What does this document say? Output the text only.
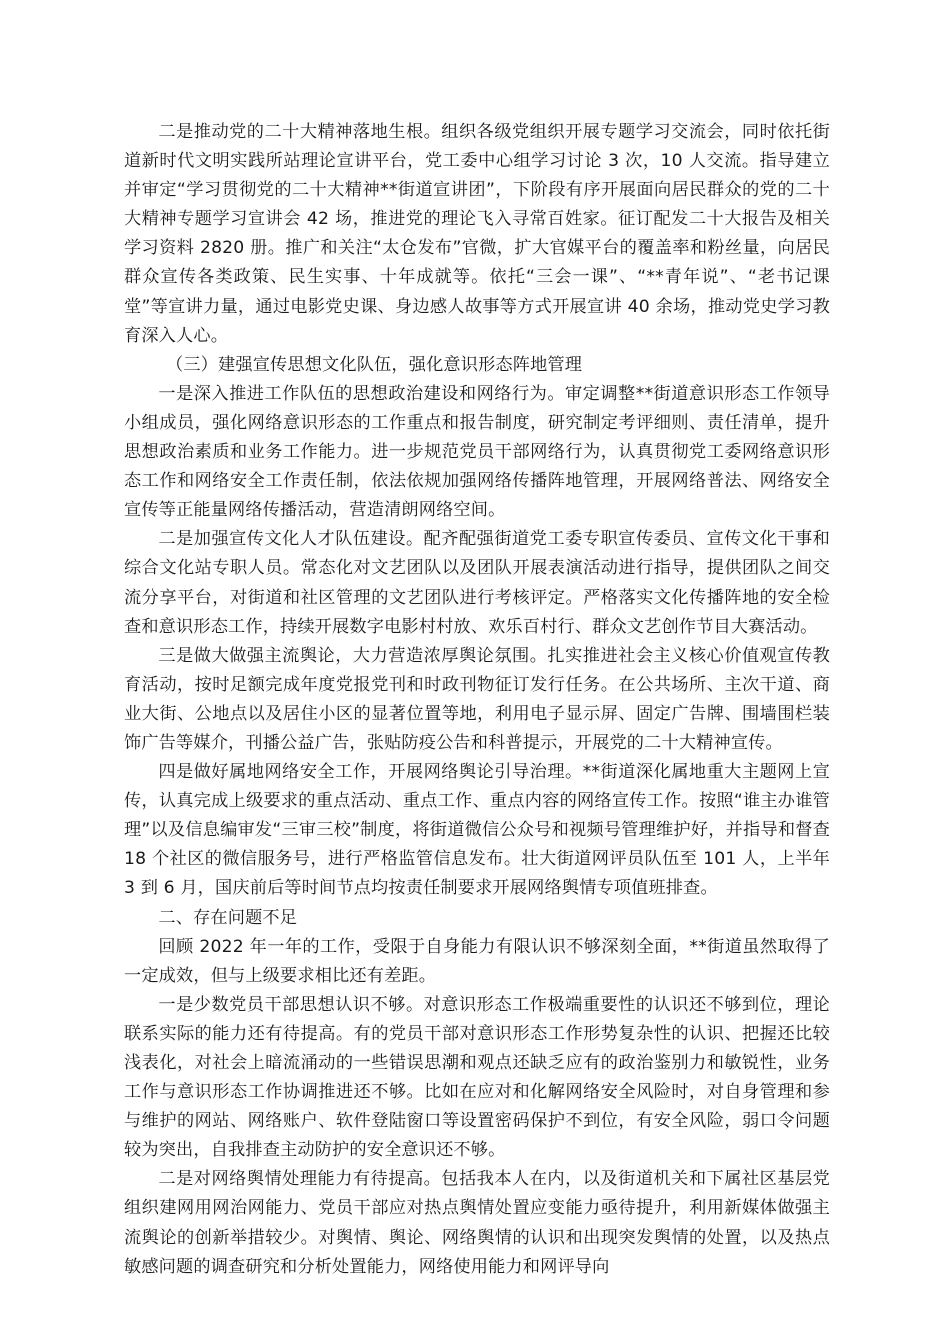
二是推动党的二十大精神落地生根。组织各级党组织开展专题学习交流会，同时依托街道新时代文明实践所站理论宣讲平台，党工委中心组学习讨论 3 次，10 人交流。指导建立并审定“学习贯彻党的二十大精神**街道宣讲团”，下阶段有序开展面向居民群众的党的二十大精神专题学习宣讲会 42 场，推进党的理论飞入寻常百姓家。征订配发二十大报告及相关学习资料 2820 册。推广和关注“太仓发布”官微，扩大官媒平台的覆盖率和粉丝量，向居民群众宣传各类政策、民生实事、十年成就等。依托“三会一课”、“**青年说”、“老书记课堂”等宣讲力量，通过电影党史课、身边感人故事等方式开展宣讲 40 余场，推动党史学习教育深入人心。

（三）建强宣传思想文化队伍，强化意识形态阵地管理

一是深入推进工作队伍的思想政治建设和网络行为。审定调整**街道意识形态工作领导小组成员，强化网络意识形态的工作重点和报告制度，研究制定考评细则、责任清单，提升思想政治素质和业务工作能力。进一步规范党员干部网络行为，认真贯彻党工委网络意识形态工作和网络安全工作责任制，依法依规加强网络传播阵地管理，开展网络普法、网络安全宣传等正能量网络传播活动，营造清朗网络空间。

二是加强宣传文化人才队伍建设。配齐配强街道党工委专职宣传委员、宣传文化干事和综合文化站专职人员。常态化对文艺团队以及团队开展表演活动进行指导，提供团队之间交流分享平台，对街道和社区管理的文艺团队进行考核评定。严格落实文化传播阵地的安全检查和意识形态工作，持续开展数字电影村村放、欢乐百村行、群众文艺创作节目大赛活动。

三是做大做强主流舆论，大力营造浓厚舆论氛围。扎实推进社会主义核心价值观宣传教育活动，按时足额完成年度党报党刊和时政刊物征订发行任务。在公共场所、主次干道、商业大街、公地点以及居住小区的显著位置等地，利用电子显示屏、固定广告牌、围墙围栏装饰广告等媒介，刊播公益广告，张贴防疫公告和科普提示，开展党的二十大精神宣传。

四是做好属地网络安全工作，开展网络舆论引导治理。**街道深化属地重大主题网上宣传，认真完成上级要求的重点活动、重点工作、重点内容的网络宣传工作。按照“谁主办谁管理”以及信息编审发“三审三校”制度，将街道微信公众号和视频号管理维护好，并指导和督查 18 个社区的微信服务号，进行严格监管信息发布。壮大街道网评员队伍至 101 人，上半年 3 到 6 月，国庆前后等时间节点均按责任制要求开展网络舆情专项值班排查。

二、存在问题不足

回顾 2022 年一年的工作，受限于自身能力有限认识不够深刻全面，**街道虽然取得了一定成效，但与上级要求相比还有差距。

一是少数党员干部思想认识不够。对意识形态工作极端重要性的认识还不够到位，理论联系实际的能力还有待提高。有的党员干部对意识形态工作形势复杂性的认识、把握还比较浅表化，对社会上暗流涌动的一些错误思潮和观点还缺乏应有的政治鉴别力和敏锐性，业务工作与意识形态工作协调推进还不够。比如在应对和化解网络安全风险时，对自身管理和参与维护的网站、网络账户、软件登陆窗口等设置密码保护不到位，有安全风险，弱口令问题较为突出，自我排查主动防护的安全意识还不够。

二是对网络舆情处理能力有待提高。包括我本人在内，以及街道机关和下属社区基层党组织建网用网治网能力、党员干部应对热点舆情处置应变能力亟待提升，利用新媒体做强主流舆论的创新举措较少。对舆情、舆论、网络舆情的认识和出现突发舆情的处置，以及热点敏感问题的调查研究和分析处置能力，网络使用能力和网评导向
